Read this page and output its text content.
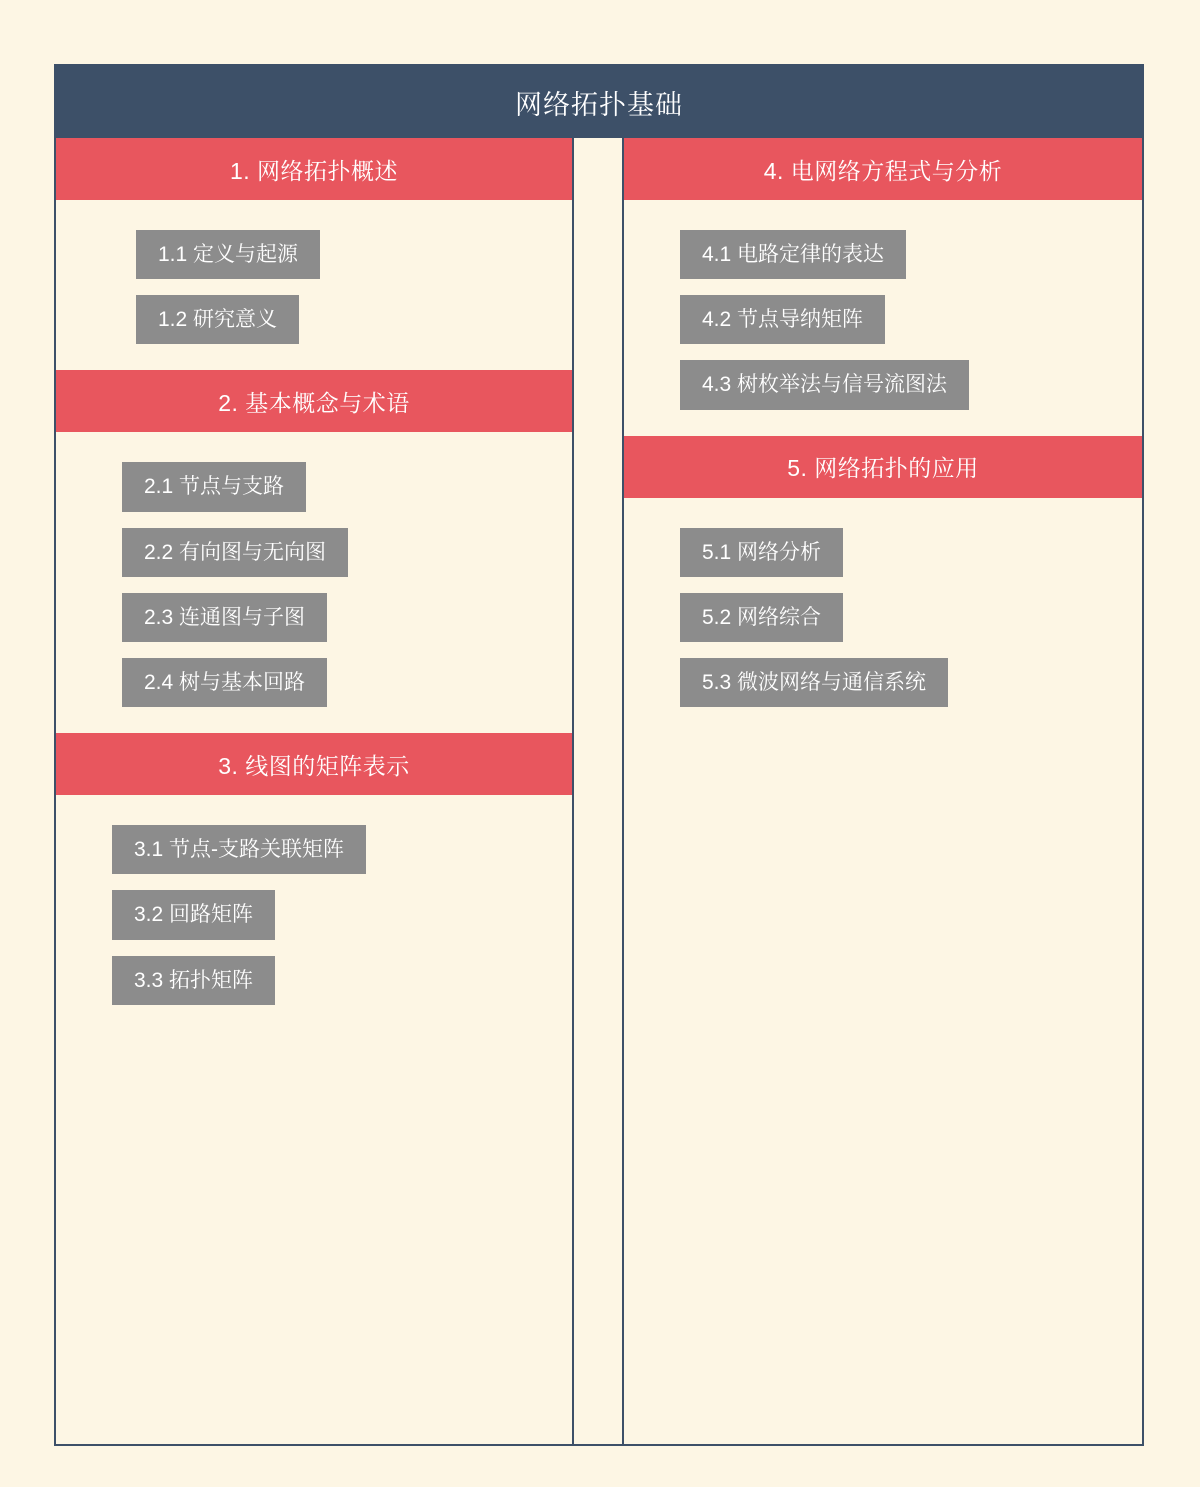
网络拓扑基础
1. 网络拓扑概述
1.1 定义与起源
1.2 研究意义
2. 基本概念与术语
2.1 节点与支路
2.2 有向图与无向图
2.3 连通图与子图
2.4 树与基本回路
3. 线图的矩阵表示
3.1 节点-支路关联矩阵
3.2 回路矩阵
3.3 拓扑矩阵
4. 电网络方程式与分析
4.1 电路定律的表达
4.2 节点导纳矩阵
4.3 树枚举法与信号流图法
5. 网络拓扑的应用
5.1 网络分析
5.2 网络综合
5.3 微波网络与通信系统
